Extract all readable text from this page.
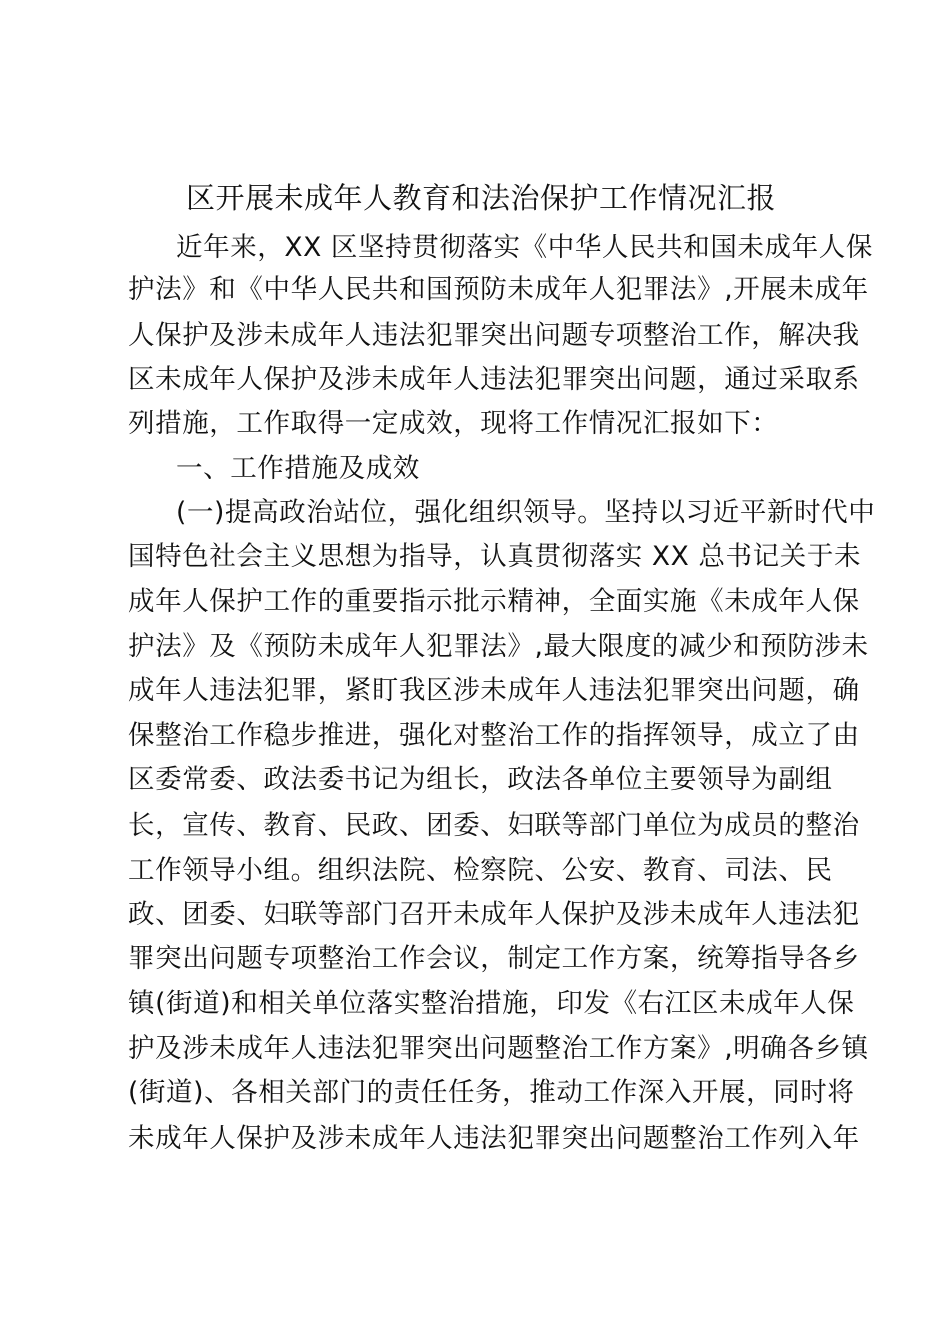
区开展未成年人教育和法治保护工作情况汇报
近年来，XX 区坚持贯彻落实《中华人民共和国未成年人保
护法》和《中华人民共和国预防未成年人犯罪法》,开展未成年
人保护及涉未成年人违法犯罪突出问题专项整治工作，解决我
区未成年人保护及涉未成年人违法犯罪突出问题，通过采取系
列措施，工作取得一定成效，现将工作情况汇报如下：
一、工作措施及成效
(一)提高政治站位，强化组织领导。坚持以习近平新时代中
国特色社会主义思想为指导，认真贯彻落实 XX 总书记关于未
成年人保护工作的重要指示批示精神，全面实施《未成年人保
护法》及《预防未成年人犯罪法》,最大限度的减少和预防涉未
成年人违法犯罪，紧盯我区涉未成年人违法犯罪突出问题，确
保整治工作稳步推进，强化对整治工作的指挥领导，成立了由
区委常委、政法委书记为组长，政法各单位主要领导为副组
长，宣传、教育、民政、团委、妇联等部门单位为成员的整治
工作领导小组。组织法院、检察院、公安、教育、司法、民
政、团委、妇联等部门召开未成年人保护及涉未成年人违法犯
罪突出问题专项整治工作会议，制定工作方案，统筹指导各乡
镇(街道)和相关单位落实整治措施，印发《右江区未成年人保
护及涉未成年人违法犯罪突出问题整治工作方案》,明确各乡镇
(街道)、各相关部门的责任任务，推动工作深入开展，同时将
未成年人保护及涉未成年人违法犯罪突出问题整治工作列入年
